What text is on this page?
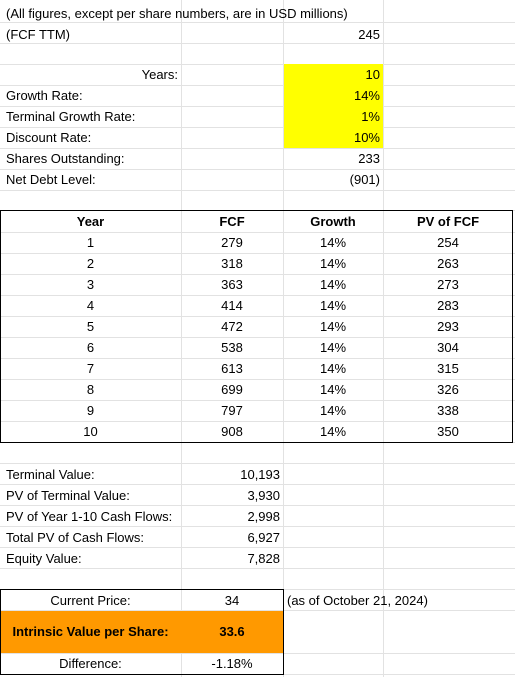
(All figures, except per share numbers, are in USD millions)
(FCF TTM)	245
Years:	10
Growth Rate:	14%
Terminal Growth Rate:	1%
Discount Rate:	10%
Shares Outstanding:	233
Net Debt Level:	(901)
Year	FCF	Growth	PV of FCF
1	279	14%	254
2	318	14%	263
3	363	14%	273
4	414	14%	283
5	472	14%	293
6	538	14%	304
7	613	14%	315
8	699	14%	326
9	797	14%	338
10	908	14%	350
Terminal Value:	10,193
PV of Terminal Value:	3,930
PV of Year 1-10 Cash Flows:	2,998
Total PV of Cash Flows:	6,927
Equity Value:	7,828
Current Price:	34	(as of October 21, 2024)
Intrinsic Value per Share:	33.6
Difference:	-1.18%
